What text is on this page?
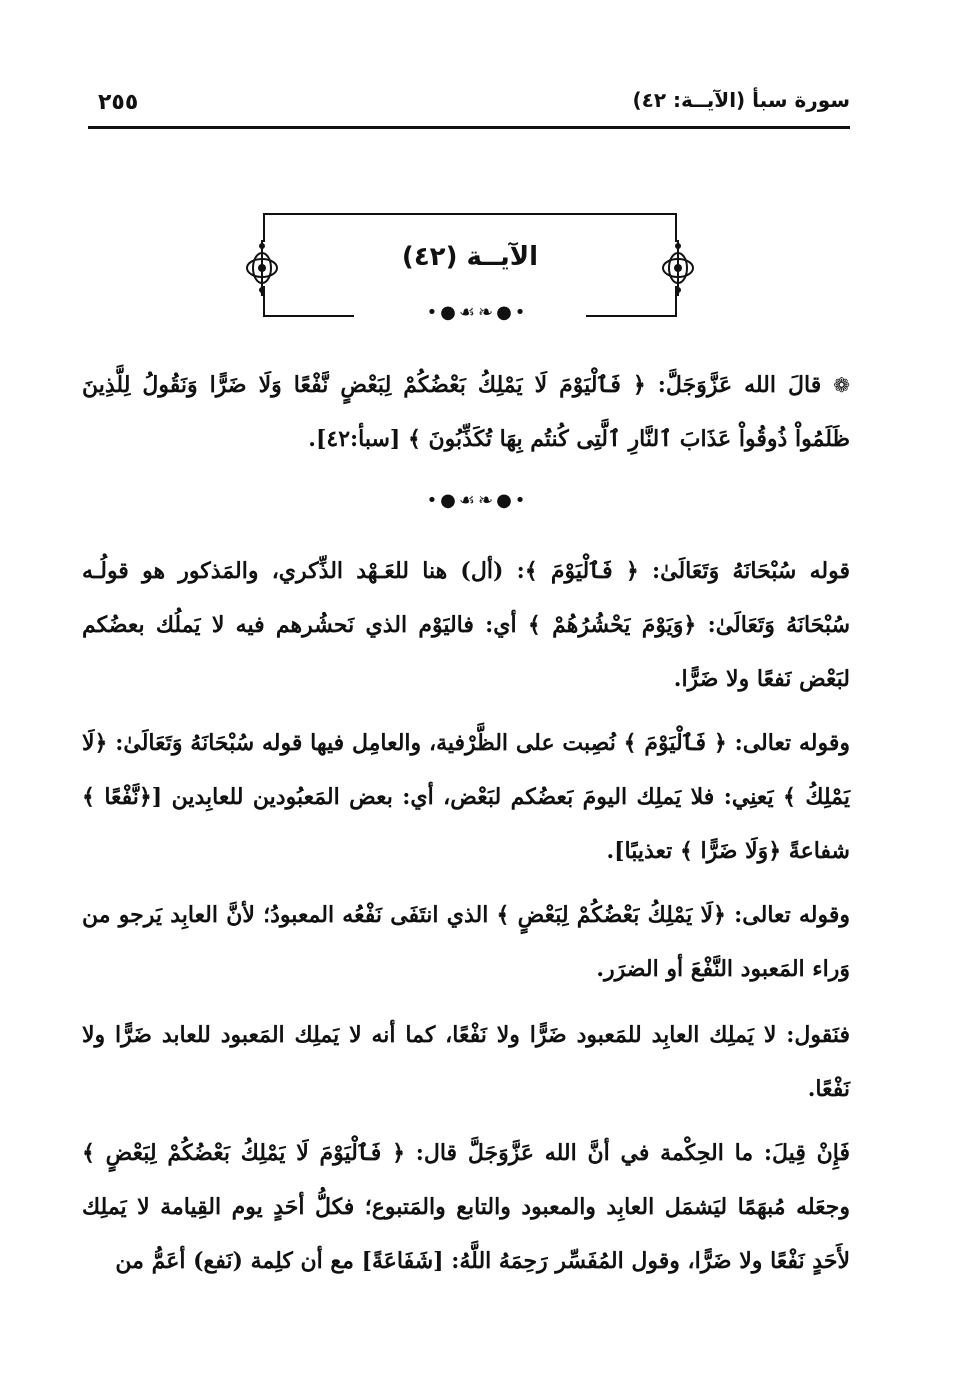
٢٥٥	سورة سبأ (الآيــة: ٤٢)
الآيــة (٤٢)
•●☙❧●•

❁ قالَ الله عَزَّوَجَلَّ: ﴿ فَٱلْيَوْمَ لَا يَمْلِكُ بَعْضُكُمْ لِبَعْضٍ نَّفْعًا وَلَا ضَرًّا وَنَقُولُ لِلَّذِينَ ظَلَمُواْ ذُوقُواْ عَذَابَ ٱلنَّارِ ٱلَّتِى كُنتُم بِهَا تُكَذِّبُونَ ﴾ [سبأ:٤٢].

•●☙❧●•

قوله سُبْحَانَهُ وَتَعَالَىٰ: ﴿ فَٱلْيَوْمَ ﴾: (أل) هنا للعَـهْد الذِّكري، والمَذكور هو قولُـه سُبْحَانَهُ وَتَعَالَىٰ: ﴿وَيَوْمَ يَحْشُرُهُمْ ﴾ أي: فاليَوْم الذي نَحشُرهم فيه لا يَملُك بعضُكم لبَعْض نَفعًا ولا ضَرًّا.

وقوله تعالى: ﴿ فَٱلْيَوْمَ ﴾ نُصِبت على الظَّرْفية، والعامِل فيها قوله سُبْحَانَهُ وَتَعَالَىٰ: ﴿لَا يَمْلِكُ ﴾ يَعنِي: فلا يَملِك اليومَ بَعضُكم لبَعْض، أي: بعض المَعبُودين للعابِدين [﴿نَّفْعًا ﴾ شفاعةً ﴿وَلَا ضَرًّا ﴾ تعذيبًا].

وقوله تعالى: ﴿لَا يَمْلِكُ بَعْضُكُمْ لِبَعْضٍ ﴾ الذي انتَفَى نَفْعُه المعبودُ؛ لأنَّ العابِد يَرجو من وَراء المَعبود النَّفْعَ أو الضرَر.

فنَقول: لا يَملِك العابِد للمَعبود ضَرًّا ولا نَفْعًا، كما أنه لا يَملِك المَعبود للعابد ضَرًّا ولا نَفْعًا.

فَإِنْ قِيلَ: ما الحِكْمة في أنَّ الله عَزَّوَجَلَّ قال: ﴿ فَٱلْيَوْمَ لَا يَمْلِكُ بَعْضُكُمْ لِبَعْضٍ ﴾ وجعَله مُبهَمًا ليَشمَل العابِد والمعبود والتابع والمَتبوع؛ فكلُّ أحَدٍ يوم القِيامة لا يَملِك لأَحَدٍ نَفْعًا ولا ضَرًّا، وقول المُفَسِّر رَحِمَهُ اللَّهُ: [شَفَاعَةً] مع أن كلِمة (نَفع) أعَمُّ من
